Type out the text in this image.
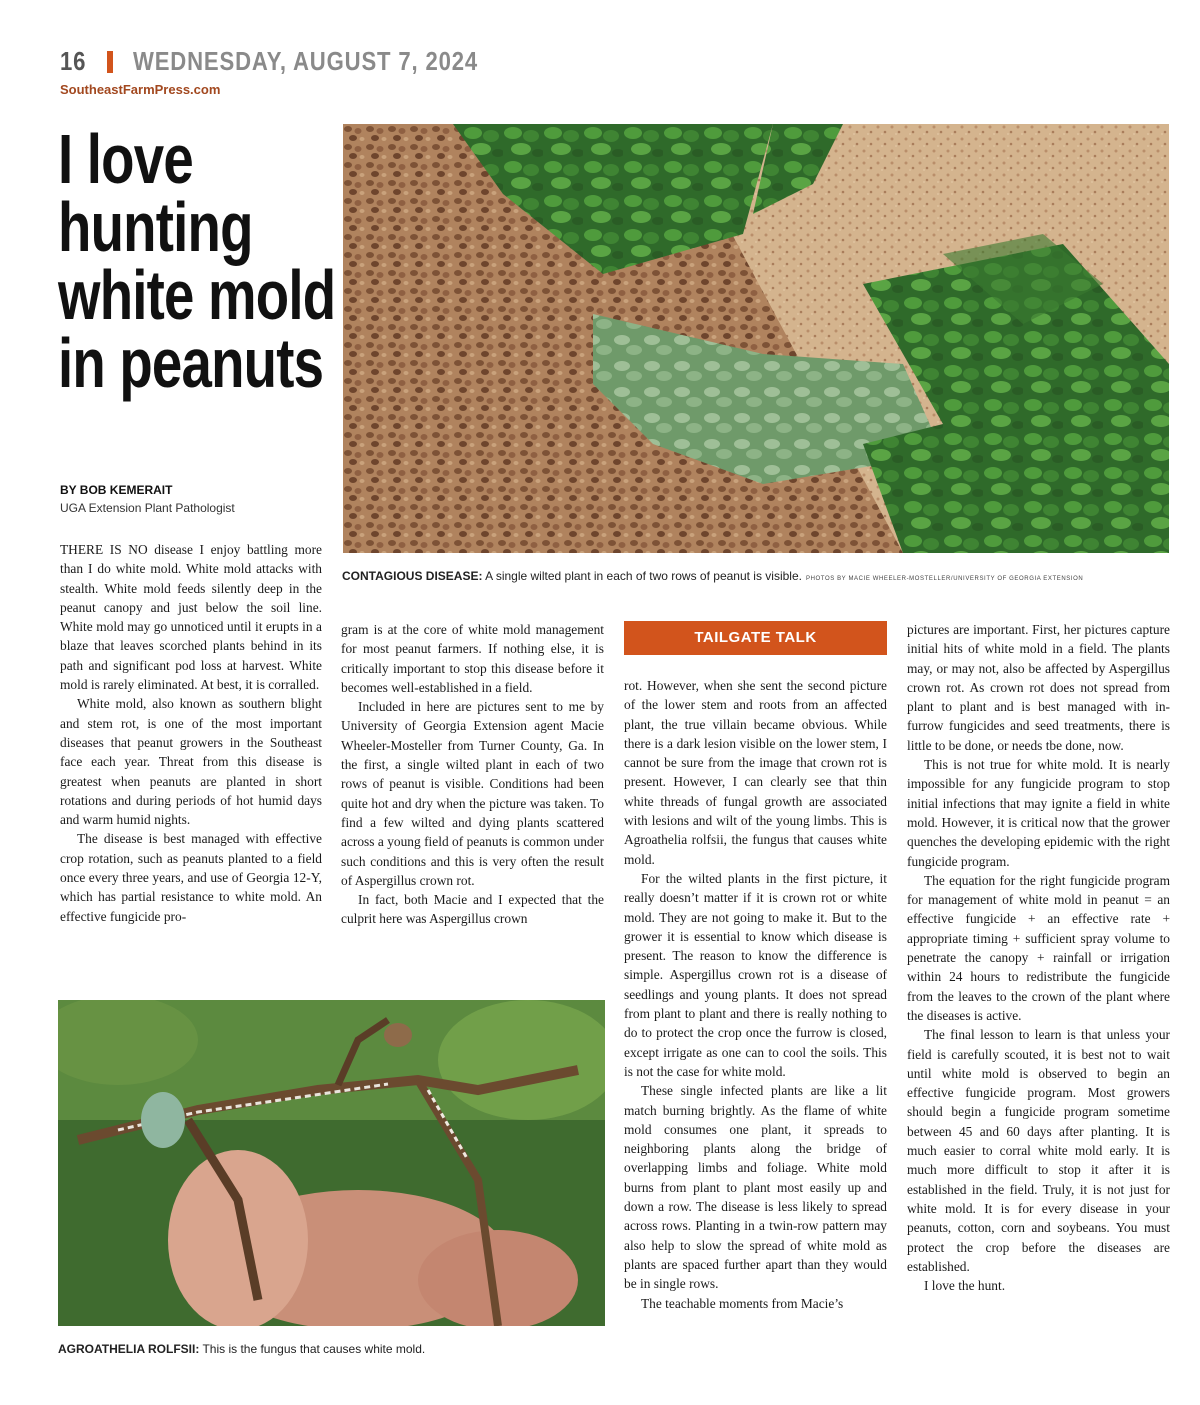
16 WEDNESDAY, AUGUST 7, 2024
SoutheastFarmPress.com
I love
hunting
white mold
in peanuts
BY BOB KEMERAIT
UGA Extension Plant Pathologist
CONTAGIOUS DISEASE: A single wilted plant in each of two rows of peanut is visible. PHOTOS BY MACIE WHEELER-MOSTELLER/UNIVERSITY OF GEORGIA EXTENSION
AGROATHELIA ROLFSII: This is the fungus that causes white mold.
TAILGATE TALK

THERE IS NO disease I enjoy battling more than I do white mold. White mold attacks with stealth. White mold feeds silently deep in the peanut canopy and just below the soil line. White mold may go unnoticed until it erupts in a blaze that leaves scorched plants behind in its path and significant pod loss at harvest. White mold is rarely eliminated. At best, it is corralled.

White mold, also known as southern blight and stem rot, is one of the most important diseases that peanut growers in the Southeast face each year. Threat from this disease is greatest when peanuts are planted in short rotations and during periods of hot humid days and warm humid nights.

The disease is best managed with effective crop rotation, such as peanuts planted to a field once every three years, and use of Georgia 12-Y, which has partial resistance to white mold. An effective fungicide pro-

gram is at the core of white mold management for most peanut farmers. If nothing else, it is critically important to stop this disease before it becomes well-established in a field.

Included in here are pictures sent to me by University of Georgia Extension agent Macie Wheeler-Mosteller from Turner County, Ga. In the first, a single wilted plant in each of two rows of peanut is visible. Conditions had been quite hot and dry when the picture was taken. To find a few wilted and dying plants scattered across a young field of peanuts is common under such conditions and this is very often the result of Aspergillus crown rot.

In fact, both Macie and I expected that the culprit here was Aspergillus crown

rot. However, when she sent the second picture of the lower stem and roots from an affected plant, the true villain became obvious. While there is a dark lesion visible on the lower stem, I cannot be sure from the image that crown rot is present. However, I can clearly see that thin white threads of fungal growth are associated with lesions and wilt of the young limbs. This is Agroathelia rolfsii, the fungus that causes white mold.

For the wilted plants in the first picture, it really doesn’t matter if it is crown rot or white mold. They are not going to make it. But to the grower it is essential to know which disease is present. The reason to know the difference is simple. Aspergillus crown rot is a disease of seedlings and young plants. It does not spread from plant to plant and there is really nothing to do to protect the crop once the furrow is closed, except irrigate as one can to cool the soils. This is not the case for white mold.

These single infected plants are like a lit match burning brightly. As the flame of white mold consumes one plant, it spreads to neighboring plants along the bridge of overlapping limbs and foliage. White mold burns from plant to plant most easily up and down a row. The disease is less likely to spread across rows. Planting in a twin-row pattern may also help to slow the spread of white mold as plants are spaced further apart than they would be in single rows.

The teachable moments from Macie’s

pictures are important. First, her pictures capture initial hits of white mold in a field. The plants may, or may not, also be affected by Aspergillus crown rot. As crown rot does not spread from plant to plant and is best managed with in-furrow fungicides and seed treatments, there is little to be done, or needs tbe done, now.

This is not true for white mold. It is nearly impossible for any fungicide program to stop initial infections that may ignite a field in white mold. However, it is critical now that the grower quenches the developing epidemic with the right fungicide program.

The equation for the right fungicide program for management of white mold in peanut = an effective fungicide + an effective rate + appropriate timing + sufficient spray volume to penetrate the canopy + rainfall or irrigation within 24 hours to redistribute the fungicide from the leaves to the crown of the plant where the diseases is active.

The final lesson to learn is that unless your field is carefully scouted, it is best not to wait until white mold is observed to begin an effective fungicide program. Most growers should begin a fungicide program sometime between 45 and 60 days after planting. It is much easier to corral white mold early. It is much more difficult to stop it after it is established in the field. Truly, it is not just for white mold. It is for every disease in your peanuts, cotton, corn and soybeans. You must protect the crop before the diseases are established.

I love the hunt.
